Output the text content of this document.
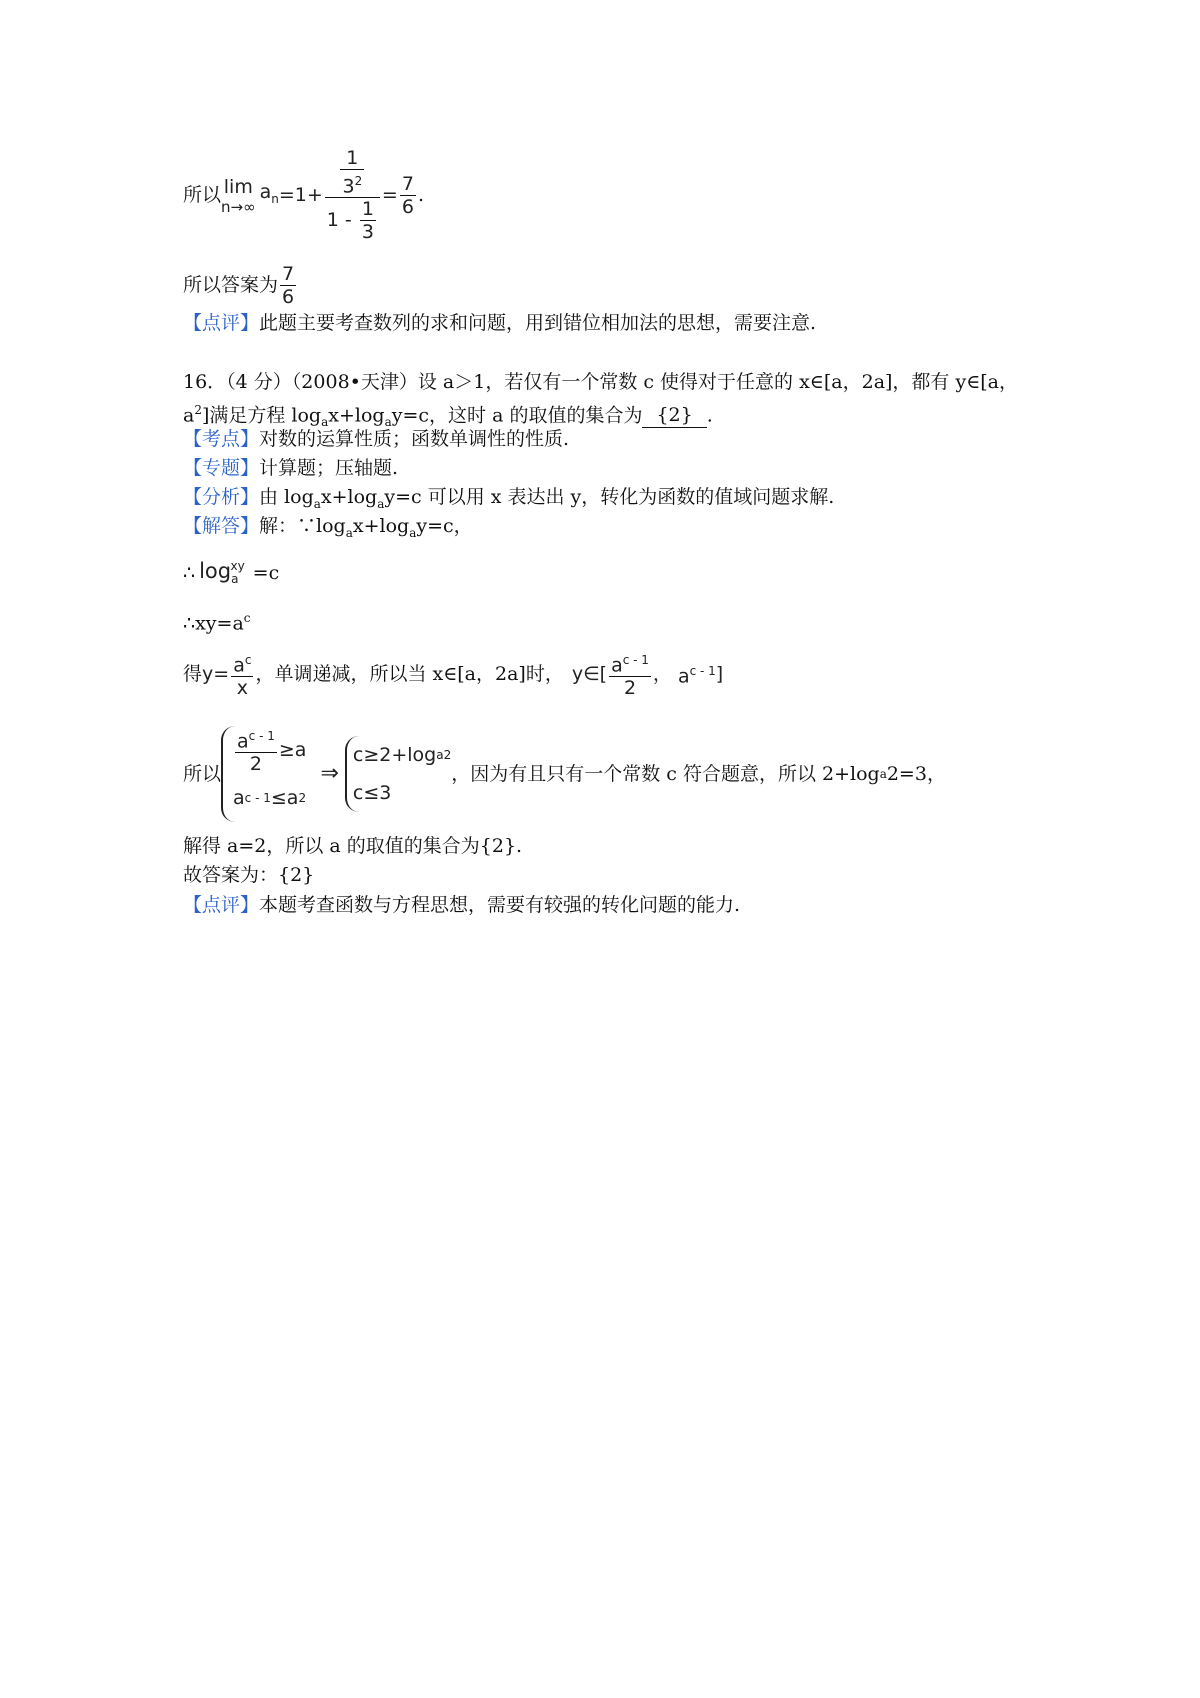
所以 lim
n→∞
$a_n =1+ \frac{\frac{1}{3^2}}{1 - \frac{1}{3}} = \frac{7}{6}$ .
所以答案为 $\frac{7}{6}$
【点评】此题主要考查数列的求和问题，用到错位相加法的思想，需要注意.
16．（4 分）（2008•天津）设 a＞1，若仅有一个常数 c 使得对于任意的 x∈[a，2a]，都有 y∈[a，
$a^2$]满足方程 $\log_ax+\log_ay=c$，这时 a 的取值的集合为 {2} .
【考点】对数的运算性质；函数单调性的性质.
【专题】计算题；压轴题.
【分析】由 $\log_ax+\log_ay=c$ 可以用 x 表达出 y，转化为函数的值域问题求解.
【解答】解：$\because\log_ax+\log_ay=c$，
∴ $\log_a^{xy} =c$
$\therefore xy=a^c$
得 $y= \frac{a^c}{x}$ ，单调递减，所以当 x∈[a，2a]时， y∈[ $\frac{a^{c - 1}}{2}$ ， $a^{c - 1}$ ]
所以 $\frac{a^{c - 1}}{2} \ge a$
a c - 1 ≤a 2
⇒
c≥2+log a 2
c≤3
，因为有且只有一个常数 c 符合题意，所以 2+log a 2=3，
解得 a=2，所以 a 的取值的集合为{2}.
故答案为：{2}
【点评】本题考查函数与方程思想，需要有较强的转化问题的能力.
